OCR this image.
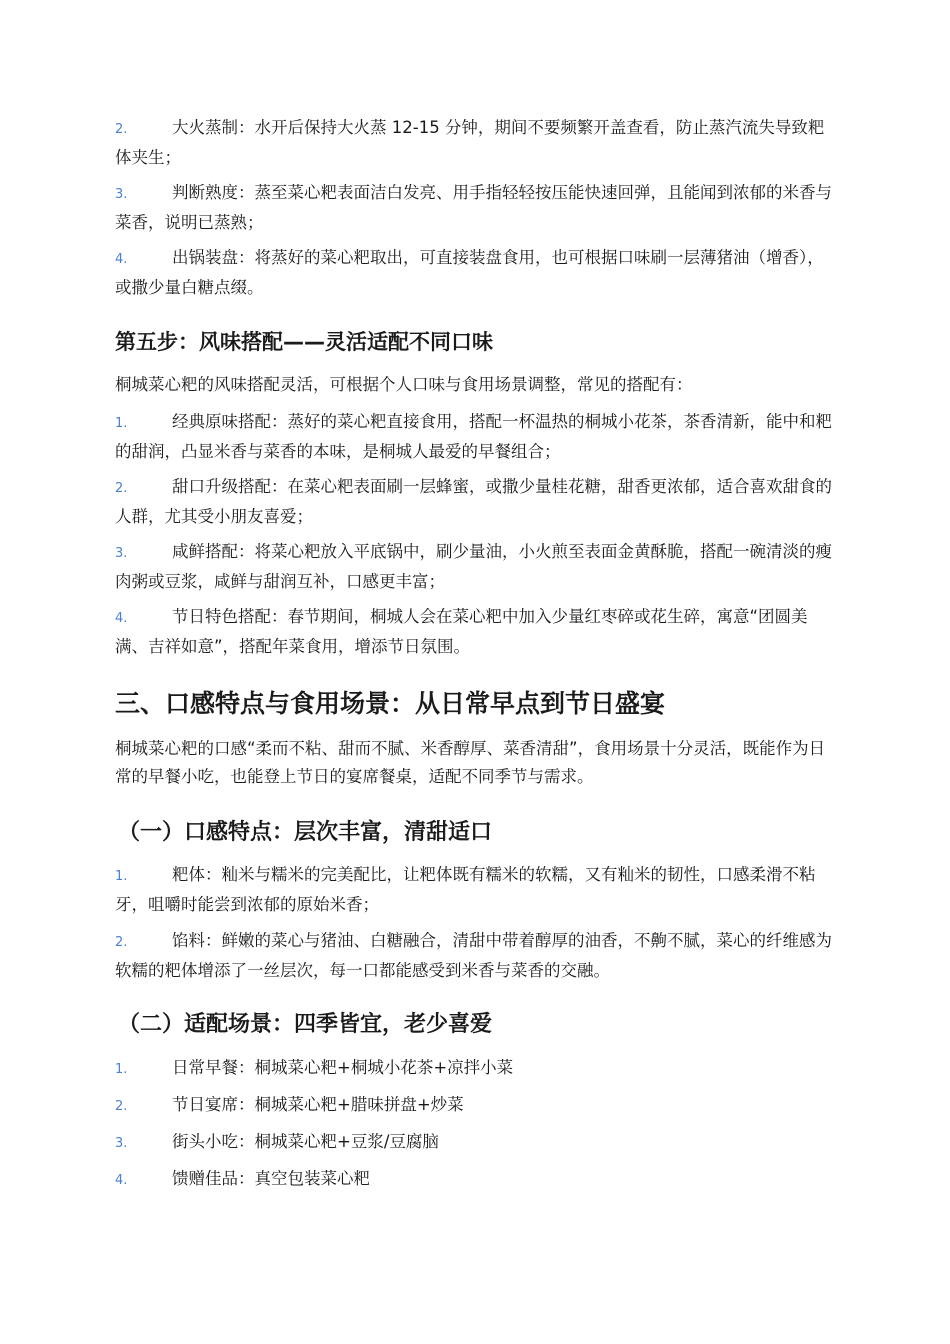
2.	大火蒸制：水开后保持大火蒸 12-15 分钟，期间不要频繁开盖查看，防止蒸汽流失导致粑体夹生；

3.	判断熟度：蒸至菜心粑表面洁白发亮、用手指轻轻按压能快速回弹，且能闻到浓郁的米香与菜香，说明已蒸熟；

4.	出锅装盘：将蒸好的菜心粑取出，可直接装盘食用，也可根据口味刷一层薄猪油（增香），或撒少量白糖点缀。

第五步：风味搭配——灵活适配不同口味

桐城菜心粑的风味搭配灵活，可根据个人口味与食用场景调整，常见的搭配有：

1.	经典原味搭配：蒸好的菜心粑直接食用，搭配一杯温热的桐城小花茶，茶香清新，能中和粑的甜润，凸显米香与菜香的本味，是桐城人最爱的早餐组合；

2.	甜口升级搭配：在菜心粑表面刷一层蜂蜜，或撒少量桂花糖，甜香更浓郁，适合喜欢甜食的人群，尤其受小朋友喜爱；

3.	咸鲜搭配：将菜心粑放入平底锅中，刷少量油，小火煎至表面金黄酥脆，搭配一碗清淡的瘦肉粥或豆浆，咸鲜与甜润互补，口感更丰富；

4.	节日特色搭配：春节期间，桐城人会在菜心粑中加入少量红枣碎或花生碎，寓意“团圆美满、吉祥如意”，搭配年菜食用，增添节日氛围。

三、口感特点与食用场景：从日常早点到节日盛宴

桐城菜心粑的口感“柔而不粘、甜而不腻、米香醇厚、菜香清甜”，食用场景十分灵活，既能作为日常的早餐小吃，也能登上节日的宴席餐桌，适配不同季节与需求。

（一）口感特点：层次丰富，清甜适口

1.	粑体：籼米与糯米的完美配比，让粑体既有糯米的软糯，又有籼米的韧性，口感柔滑不粘牙，咀嚼时能尝到浓郁的原始米香；

2.	馅料：鲜嫩的菜心与猪油、白糖融合，清甜中带着醇厚的油香，不齁不腻，菜心的纤维感为软糯的粑体增添了一丝层次，每一口都能感受到米香与菜香的交融。

（二）适配场景：四季皆宜，老少喜爱

1.	日常早餐：桐城菜心粑+桐城小花茶+凉拌小菜

2.	节日宴席：桐城菜心粑+腊味拼盘+炒菜

3.	街头小吃：桐城菜心粑+豆浆/豆腐脑

4.	馈赠佳品：真空包装菜心粑
